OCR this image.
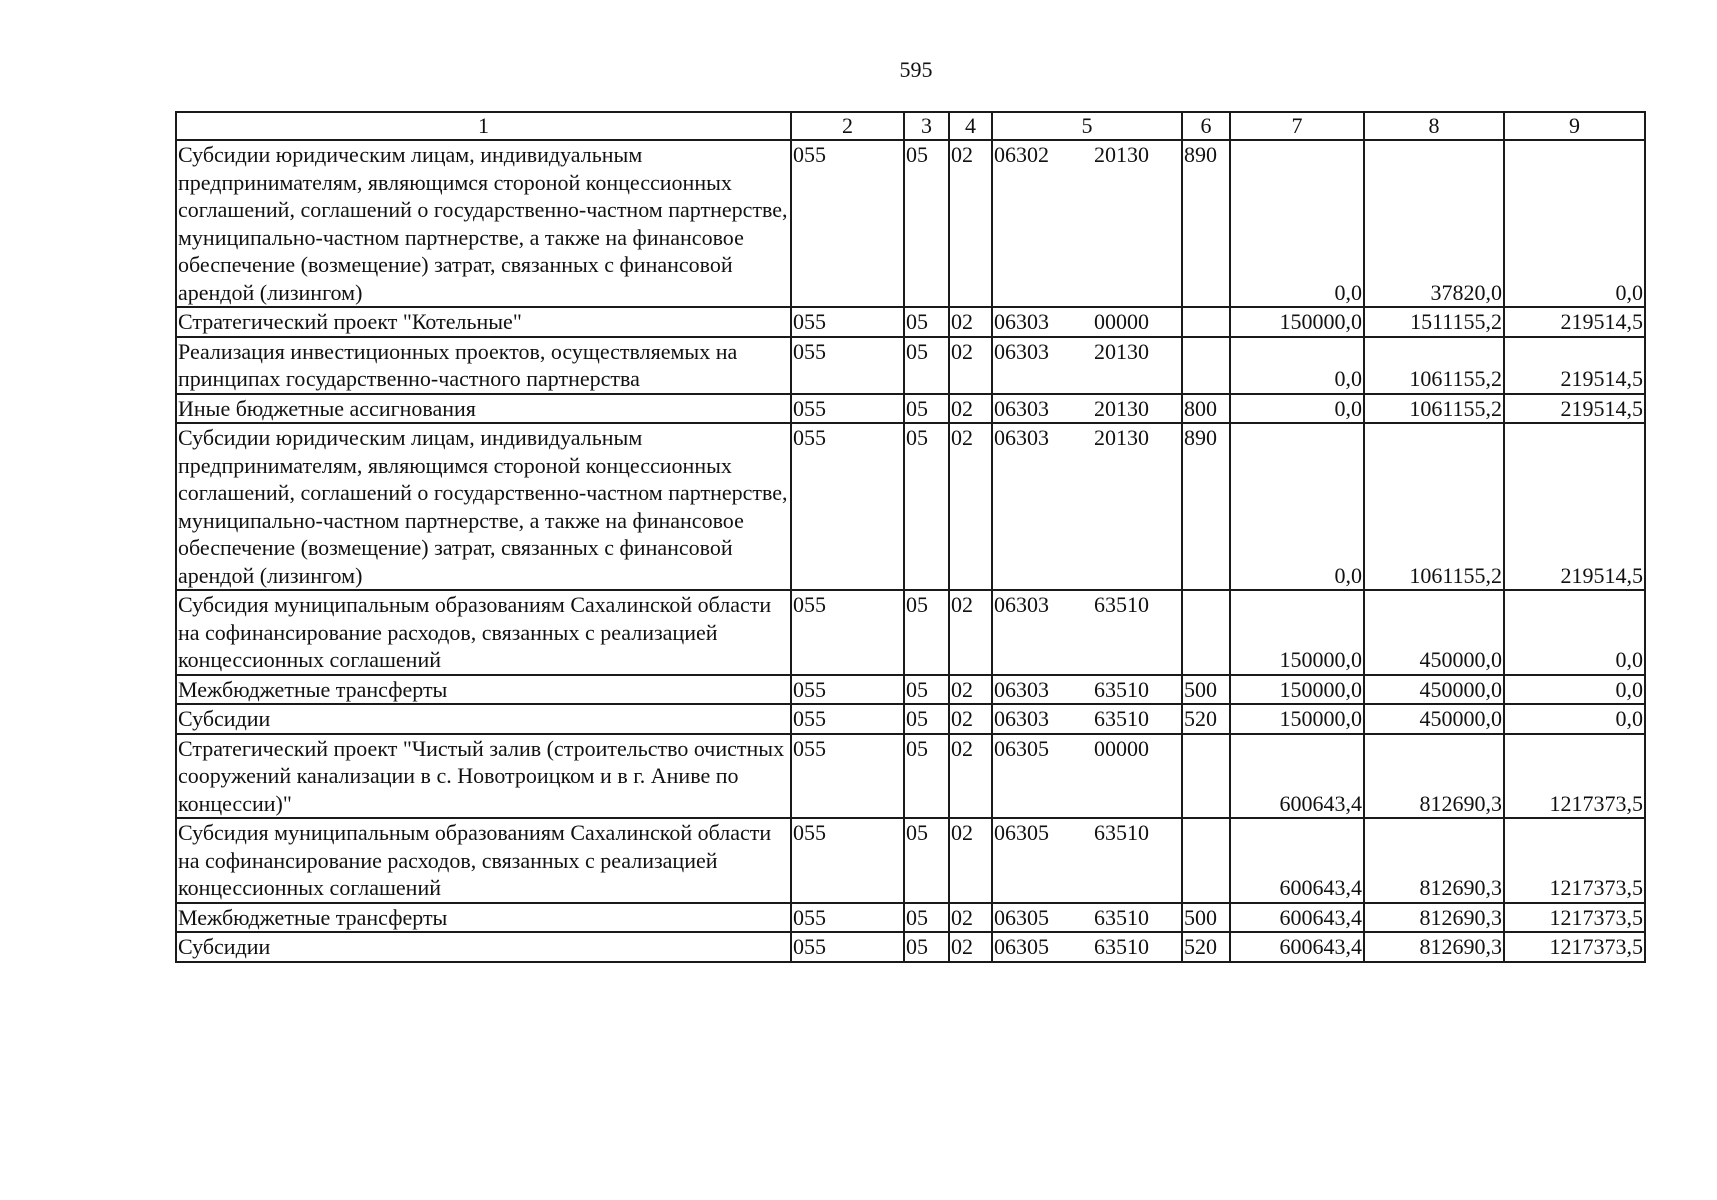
595
1	2	3	4	5	6	7	8	9
Субсидии юридическим лицам, индивидуальным предпринимателям, являющимся стороной концессионных соглашений, соглашений о государственно-частном партнерстве, муниципально-частном партнерстве, а также на финансовое обеспечение (возмещение) затрат, связанных с финансовой арендой (лизингом)	055	05	02	06302 20130	890	0,0	37820,0	0,0
Стратегический проект "Котельные"	055	05	02	06303 00000		150000,0	1511155,2	219514,5
Реализация инвестиционных проектов, осуществляемых на принципах государственно-частного партнерства	055	05	02	06303 20130		0,0	1061155,2	219514,5
Иные бюджетные ассигнования	055	05	02	06303 20130	800	0,0	1061155,2	219514,5
Субсидии юридическим лицам, индивидуальным предпринимателям, являющимся стороной концессионных соглашений, соглашений о государственно-частном партнерстве, муниципально-частном партнерстве, а также на финансовое обеспечение (возмещение) затрат, связанных с финансовой арендой (лизингом)	055	05	02	06303 20130	890	0,0	1061155,2	219514,5
Субсидия муниципальным образованиям Сахалинской области на софинансирование расходов, связанных с реализацией концессионных соглашений	055	05	02	06303 63510		150000,0	450000,0	0,0
Межбюджетные трансферты	055	05	02	06303 63510	500	150000,0	450000,0	0,0
Субсидии	055	05	02	06303 63510	520	150000,0	450000,0	0,0
Стратегический проект "Чистый залив (строительство очистных сооружений канализации в с. Новотроицком и в г. Аниве по концессии)"	055	05	02	06305 00000		600643,4	812690,3	1217373,5
Субсидия муниципальным образованиям Сахалинской области на софинансирование расходов, связанных с реализацией концессионных соглашений	055	05	02	06305 63510		600643,4	812690,3	1217373,5
Межбюджетные трансферты	055	05	02	06305 63510	500	600643,4	812690,3	1217373,5
Субсидии	055	05	02	06305 63510	520	600643,4	812690,3	1217373,5
